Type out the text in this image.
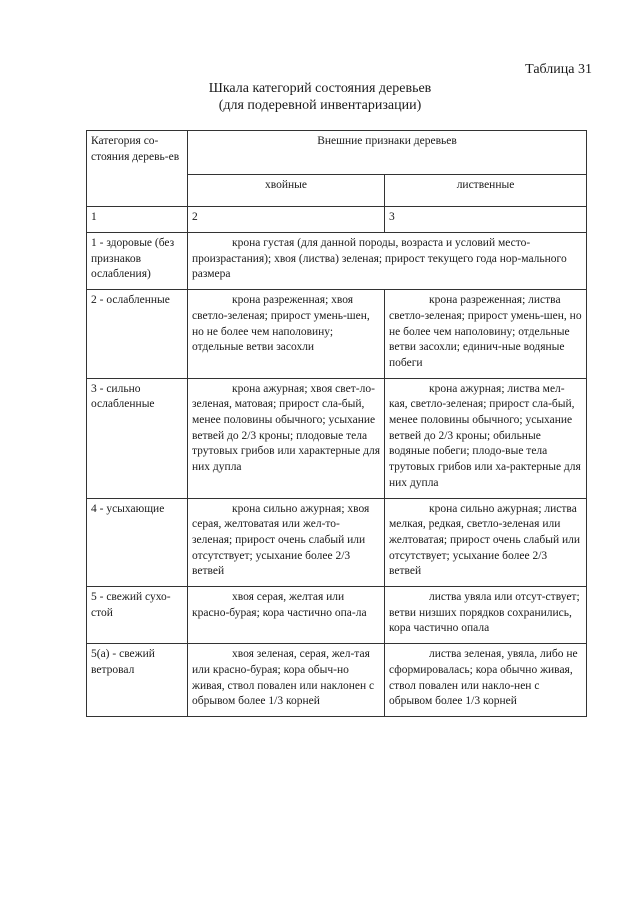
Таблица 31
Шкала категорий состояния деревьев
(для подеревной инвентаризации)
Категория со-стояния деревь-ев	Внешние признаки деревьев	
	хвойные	лиственные
1	2	3
1 - здоровые (без признаков ослабления)	крона густая (для данной породы, возраста и условий место-произрастания); хвоя (листва) зеленая; прирост текущего года нор-мального размера	
2 - ослабленные	крона разреженная; хвоя светло-зеленая; прирост умень-шен, но не более чем наполовину; отдельные ветви засохли	крона разреженная; листва светло-зеленая; прирост умень-шен, но не более чем наполовину; отдельные ветви засохли; единич-ные водяные побеги
3 - сильно ослабленные	крона ажурная; хвоя свет-ло-зеленая, матовая; прирост сла-бый, менее половины обычного; усыхание ветвей до 2/3 кроны; плодовые тела трутовых грибов или характерные для них дупла	крона ажурная; листва мел-кая, светло-зеленая; прирост сла-бый, менее половины обычного; усыхание ветвей до 2/3 кроны; обильные водяные побеги; плодо-вые тела трутовых грибов или ха-рактерные для них дупла
4 - усыхающие	крона сильно ажурная; хвоя серая, желтоватая или жел-то-зеленая; прирост очень слабый или отсутствует; усыхание более 2/3 ветвей	крона сильно ажурная; листва мелкая, редкая, светло-зеленая или желтоватая; прирост очень слабый или отсутствует; усыхание более 2/3 ветвей
5 - свежий сухо-стой	хвоя серая, желтая или красно-бурая; кора частично опа-ла	листва увяла или отсут-ствует; ветви низших порядков сохранились, кора частично опала
5(а) - свежий ветровал	хвоя зеленая, серая, жел-тая или красно-бурая; кора обыч-но живая, ствол повален или наклонен с обрывом более 1/3 корней	листва зеленая, увяла, либо не сформировалась; кора обычно живая, ствол повален или накло-нен с обрывом более 1/3 корней
